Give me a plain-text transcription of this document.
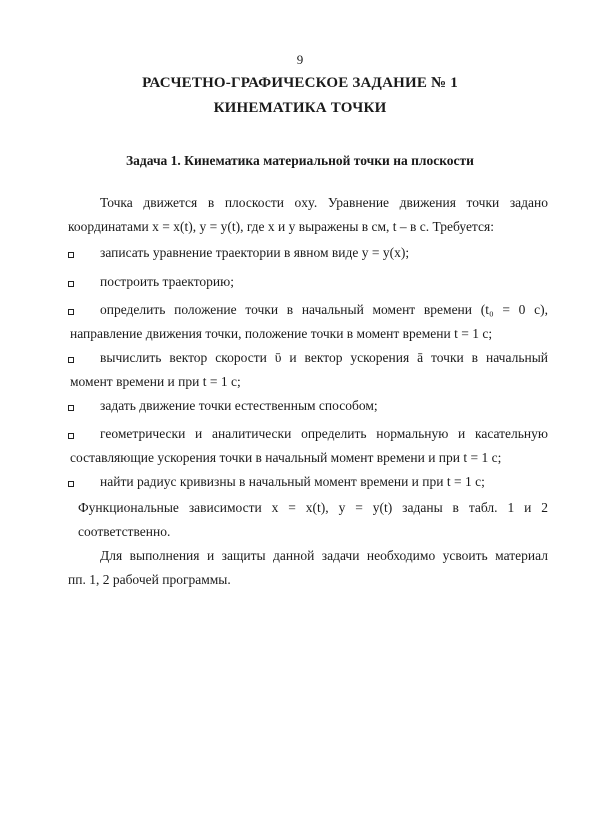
9
РАСЧЕТНО-ГРАФИЧЕСКОЕ ЗАДАНИЕ № 1
КИНЕМАТИКА ТОЧКИ
Задача 1. Кинематика материальной точки на плоскости
Точка движется в плоскости oxy. Уравнение движения точки задано
координатами x = x(t), y = y(t), где x и y выражены в см, t – в с. Требуется:
записать уравнение траектории в явном виде y = y(x);
построить траекторию;
определить положение точки в начальный момент времени (t₀ = 0 с),
направление движения точки, положение точки в момент времени t = 1 с;
вычислить вектор скорости ῡ и вектор ускорения ā точки в начальный
момент времени и при t = 1 с;
задать движение точки естественным способом;
геометрически и аналитически определить нормальную и касательную
составляющие ускорения точки в начальный момент времени и при t = 1 с;
найти радиус кривизны в начальный момент времени и при t = 1 с;
Функциональные зависимости x = x(t), y = y(t) заданы в табл. 1 и 2
соответственно.
Для выполнения и защиты данной задачи необходимо усвоить материал
пп. 1, 2 рабочей программы.
